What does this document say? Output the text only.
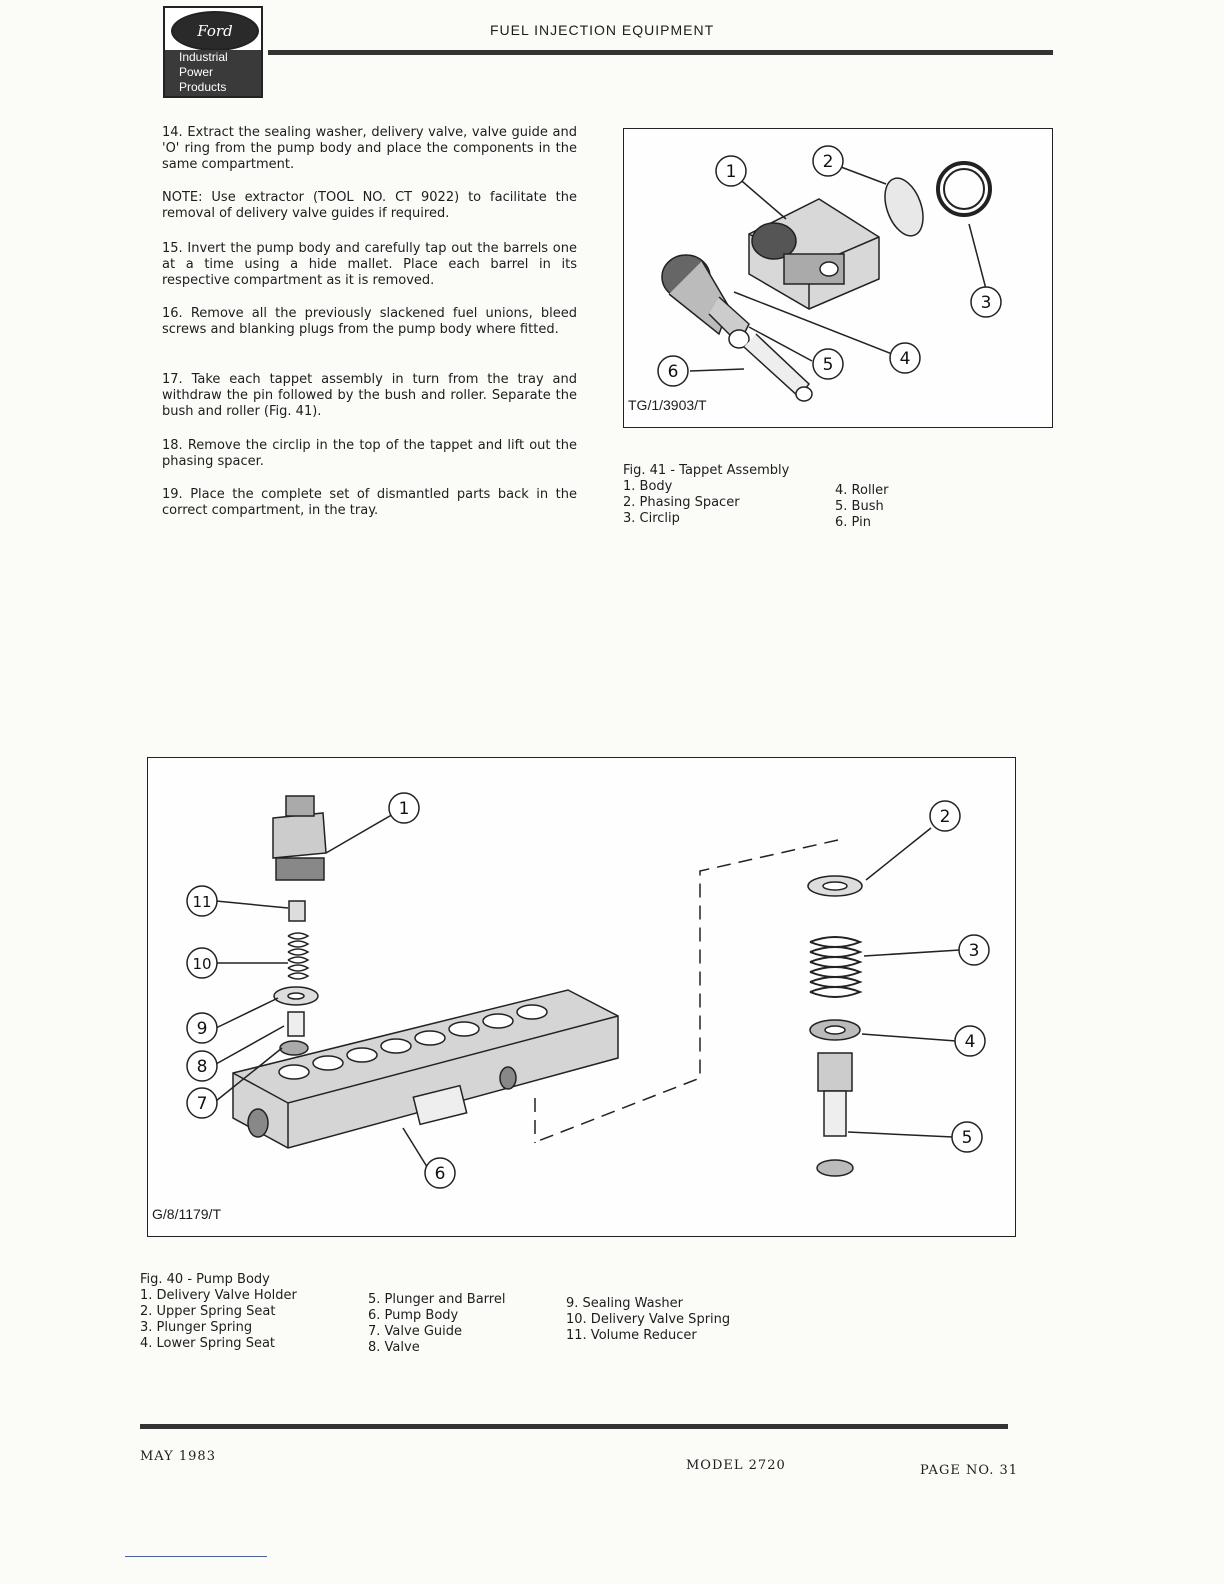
Ford
Industrial
Power
Products
FUEL INJECTION EQUIPMENT
14. Extract the sealing washer, delivery valve, valve guide and 'O' ring from the pump body and place the components in the same compartment.
NOTE: Use extractor (TOOL NO. CT 9022) to facilitate the removal of delivery valve guides if required.
15. Invert the pump body and carefully tap out the barrels one at a time using a hide mallet. Place each barrel in its respective compartment as it is removed.
16. Remove all the previously slackened fuel unions, bleed screws and blanking plugs from the pump body where fitted.
17. Take each tappet assembly in turn from the tray and withdraw the pin followed by the bush and roller. Separate the bush and roller (Fig. 41).
18. Remove the circlip in the top of the tappet and lift out the phasing spacer.
19. Place the complete set of dismantled parts back in the correct compartment, in the tray.
1	2
3
4
5
6
TG/1/3903/T
Fig. 41 - Tappet Assembly
1. Body
2. Phasing Spacer
3. Circlip
4. Roller
5. Bush
6. Pin
1	2
3
4
5
6
7
8
9
10
11
G/8/1179/T
Fig. 40 - Pump Body
1. Delivery Valve Holder
2. Upper Spring Seat
3. Plunger Spring
4. Lower Spring Seat
5. Plunger and Barrel
6. Pump Body
7. Valve Guide
8. Valve
9. Sealing Washer
10. Delivery Valve Spring
11. Volume Reducer
MAY 1983
MODEL 2720	PAGE NO. 31
